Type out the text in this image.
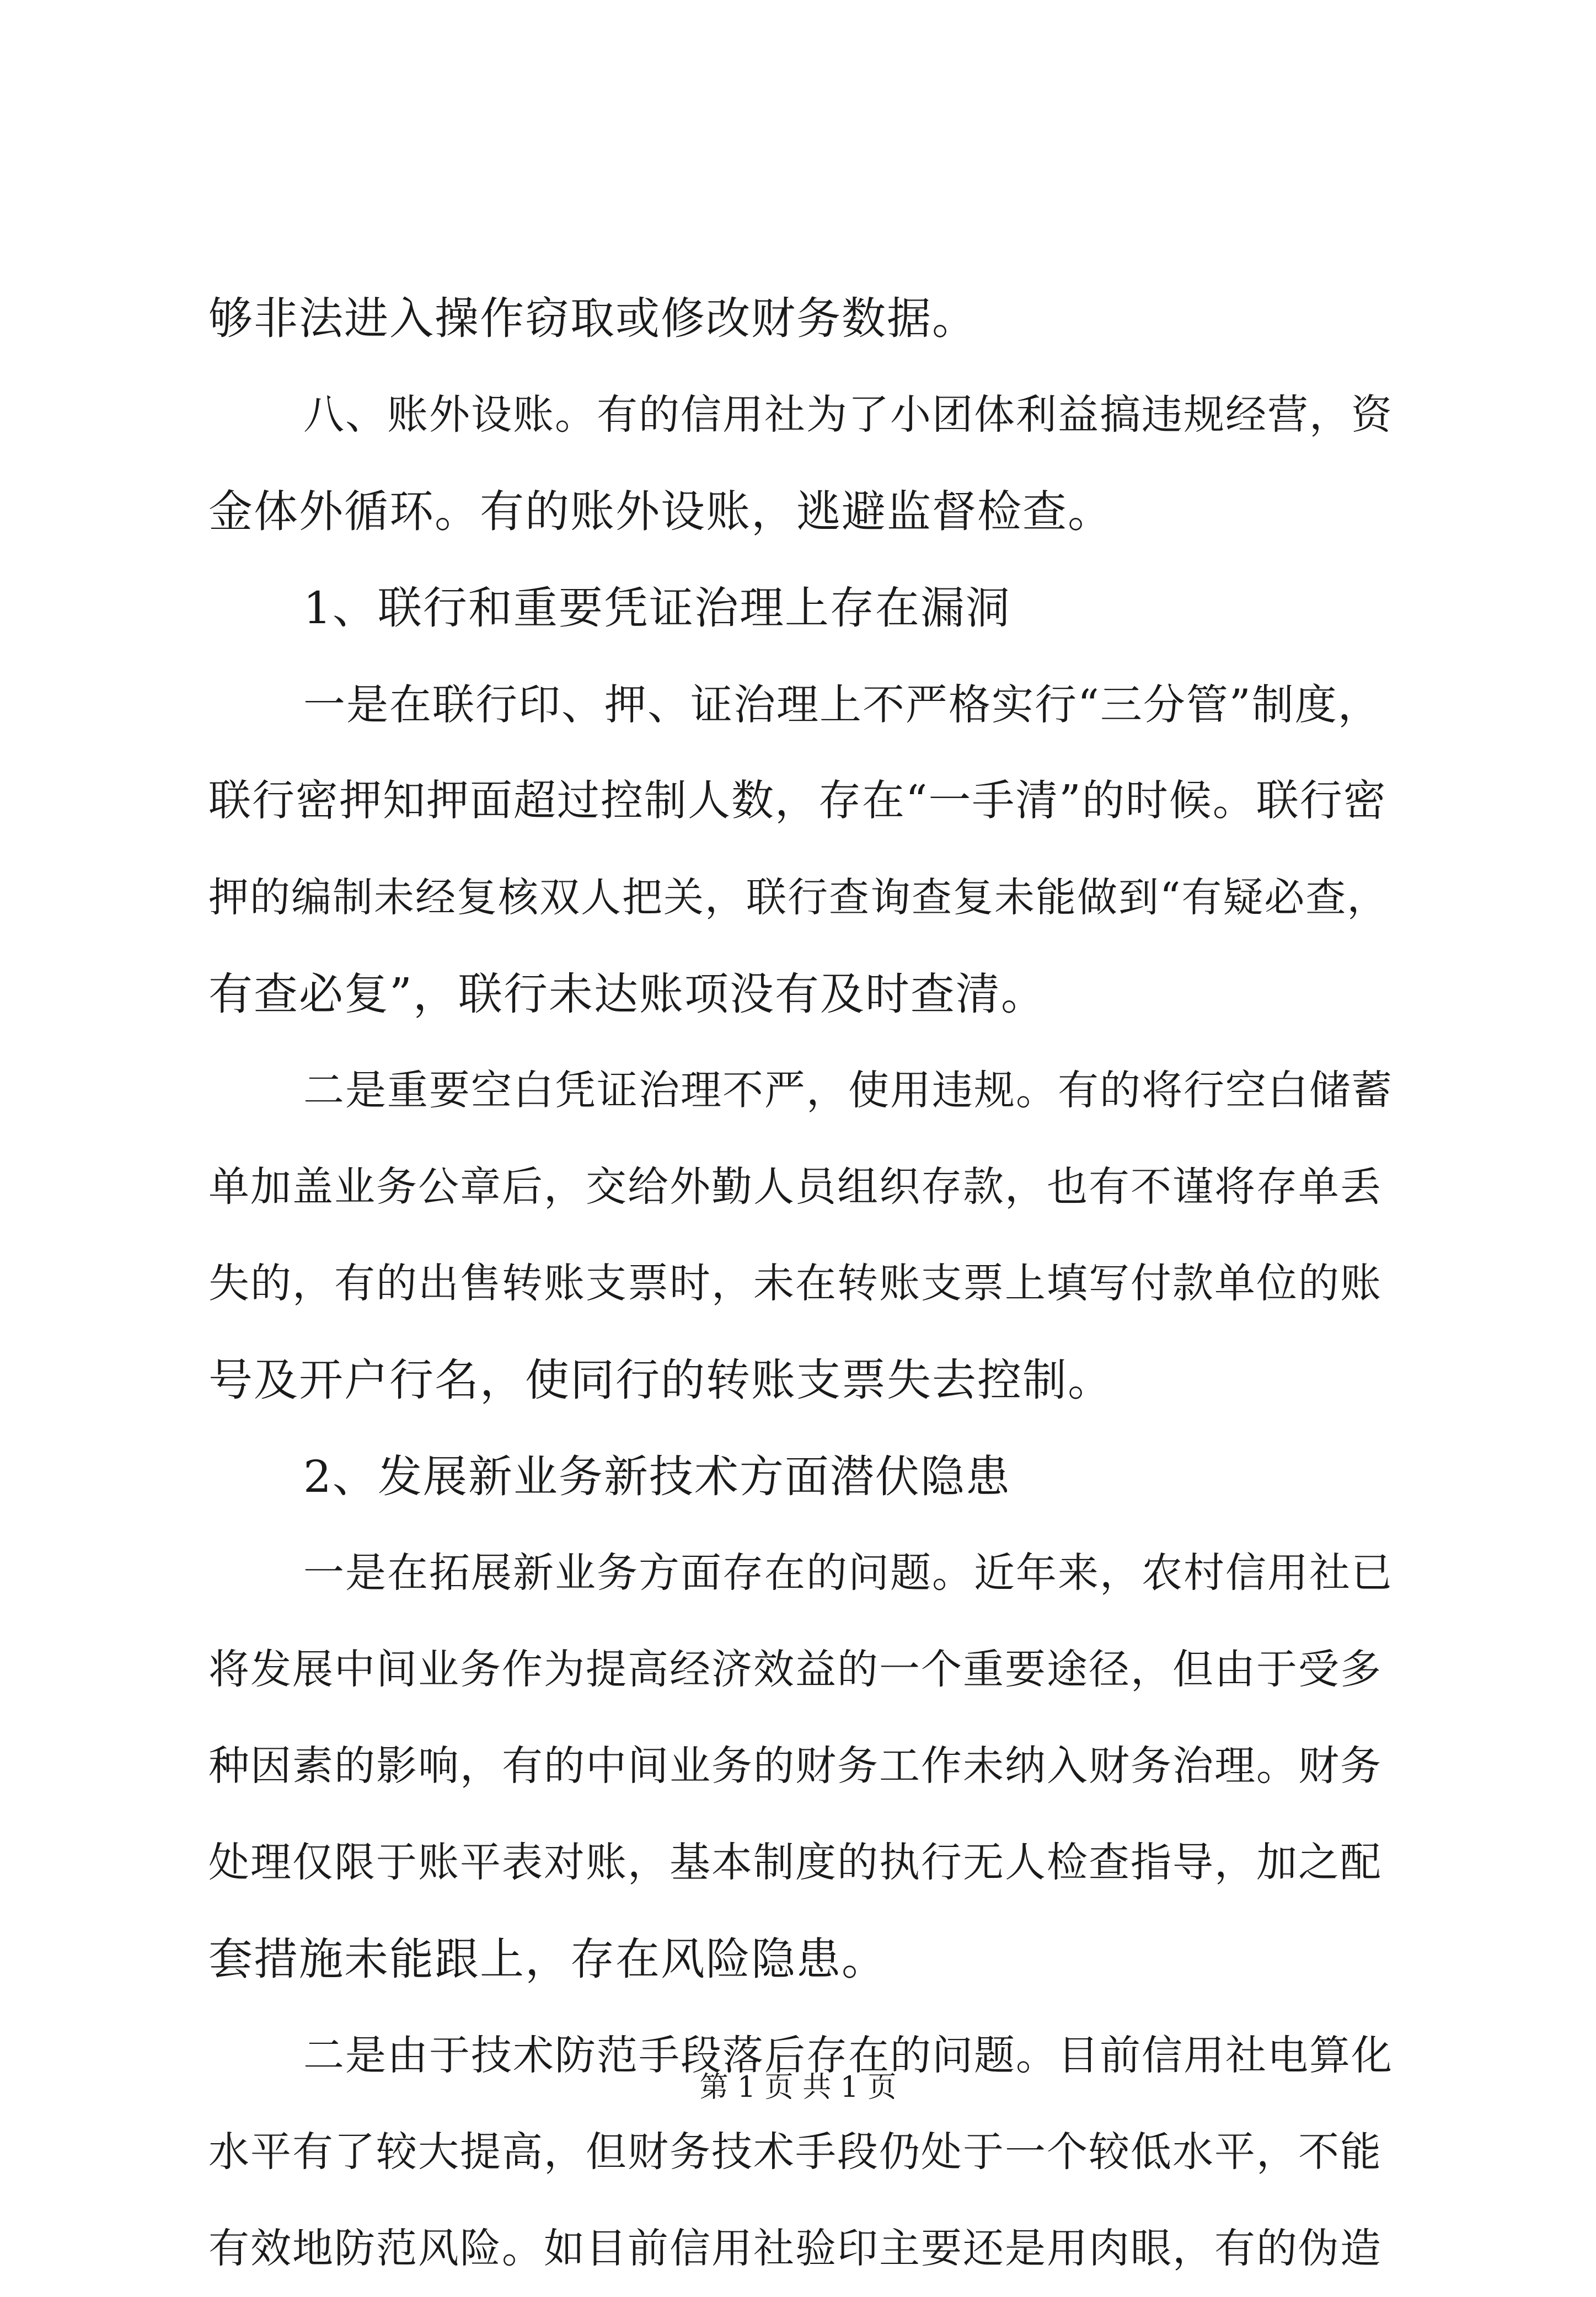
够非法进入操作窃取或修改财务数据。
八、账外设账。有的信用社为了小团体利益搞违规经营，资
金体外循环。有的账外设账，逃避监督检查。
1、联行和重要凭证治理上存在漏洞
一是在联行印、押、证治理上不严格实行“三分管”制度，
联行密押知押面超过控制人数，存在“一手清”的时候。联行密
押的编制未经复核双人把关，联行查询查复未能做到“有疑必查，
有查必复”，联行未达账项没有及时查清。
二是重要空白凭证治理不严，使用违规。有的将行空白储蓄
单加盖业务公章后，交给外勤人员组织存款，也有不谨将存单丢
失的，有的出售转账支票时，未在转账支票上填写付款单位的账
号及开户行名，使同行的转账支票失去控制。
2、发展新业务新技术方面潜伏隐患
一是在拓展新业务方面存在的问题。近年来，农村信用社已
将发展中间业务作为提高经济效益的一个重要途径，但由于受多
种因素的影响，有的中间业务的财务工作未纳入财务治理。财务
处理仅限于账平表对账，基本制度的执行无人检查指导，加之配
套措施未能跟上，存在风险隐患。
二是由于技术防范手段落后存在的问题。目前信用社电算化
水平有了较大提高，但财务技术手段仍处于一个较低水平，不能
有效地防范风险。如目前信用社验印主要还是用肉眼，有的伪造
第 1 页 共 1 页
